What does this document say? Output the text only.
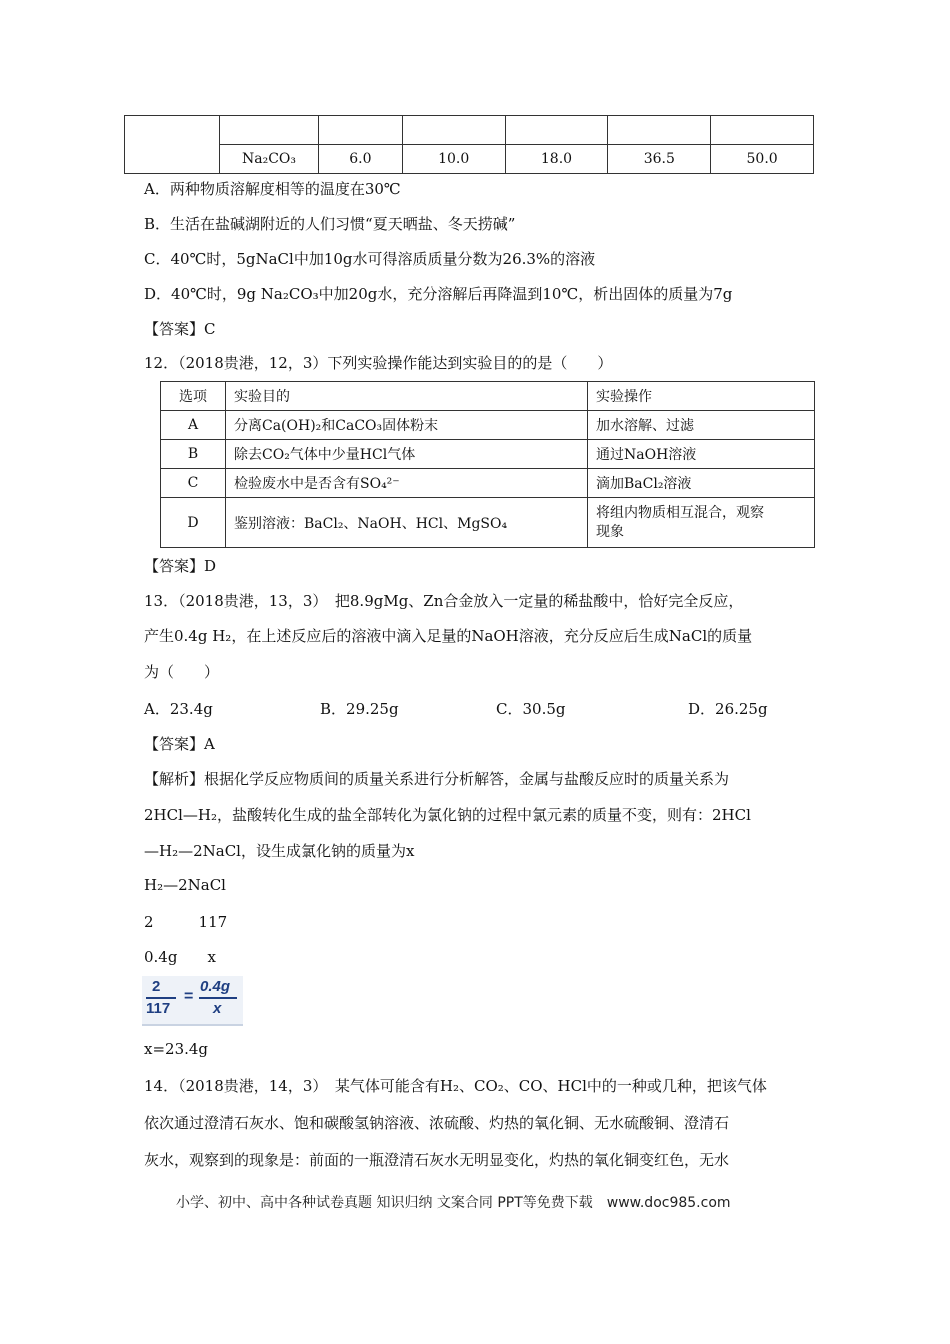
	Na₂CO₃	6.0	10.0	18.0	36.5	50.0
A．两种物质溶解度相等的温度在30℃
B．生活在盐碱湖附近的人们习惯“夏天晒盐、冬天捞碱”
C．40℃时，5gNaCl中加10g水可得溶质质量分数为26.3%的溶液
D．40℃时，9g Na₂CO₃中加20g水，充分溶解后再降温到10℃，析出固体的质量为7g
【答案】C
12．（2018贵港，12，3）下列实验操作能达到实验目的的是（　　）
选项	实验目的	实验操作
A	分离Ca(OH)₂和CaCO₃固体粉末	加水溶解、过滤
B	除去CO₂气体中少量HCl气体	通过NaOH溶液
C	检验废水中是否含有SO₄²⁻	滴加BaCl₂溶液
D	鉴别溶液：BaCl₂、NaOH、HCl、MgSO₄	将组内物质相互混合，观察
现象
【答案】D
13．（2018贵港，13，3）　把8.9gMg、Zn合金放入一定量的稀盐酸中，恰好完全反应，
产生0.4g H₂，在上述反应后的溶液中滴入足量的NaOH溶液，充分反应后生成NaCl的质量
为（　　）
A．23.4g	B．29.25g	C．30.5g	D．26.25g
【答案】A
【解析】根据化学反应物质间的质量关系进行分析解答，金属与盐酸反应时的质量关系为
2HCl—H₂，盐酸转化生成的盐全部转化为氯化钠的过程中氯元素的质量不变，则有：2HCl
—H₂—2NaCl，设生成氯化钠的质量为x
H₂—2NaCl
2　　　117
0.4g　　x
2
117
=
0.4g
x
x=23.4g
14．（2018贵港，14，3）　某气体可能含有H₂、CO₂、CO、HCl中的一种或几种，把该气体
依次通过澄清石灰水、饱和碳酸氢钠溶液、浓硫酸、灼热的氧化铜、无水硫酸铜、澄清石
灰水，观察到的现象是：前面的一瓶澄清石灰水无明显变化，灼热的氧化铜变红色，无水
小学、初中、高中各种试卷真题 知识归纳 文案合同 PPT等免费下载　www.doc985.com
